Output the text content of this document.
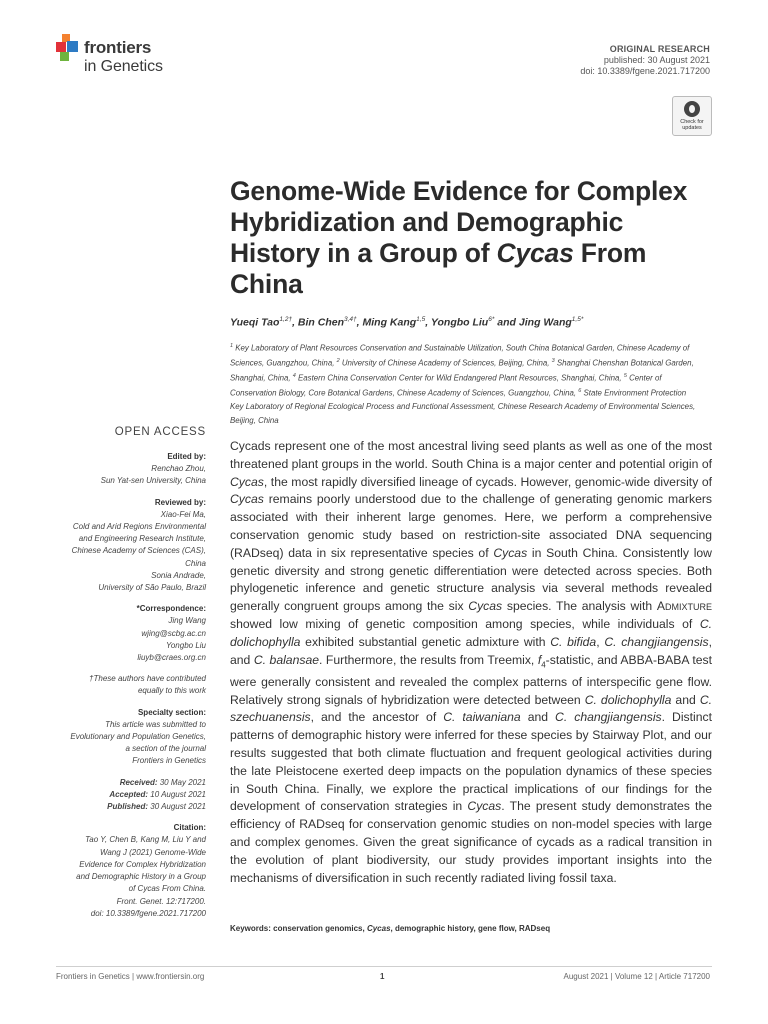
frontiers
in Genetics
ORIGINAL RESEARCH
published: 30 August 2021
doi: 10.3389/fgene.2021.717200
Check for
updates
Genome-Wide Evidence for Complex Hybridization and Demographic History in a Group of Cycas From China
Yueqi Tao$^{1,2\dagger}$, Bin Chen$^{3,4\dagger}$, Ming Kang$^{1,5}$, Yongbo Liu$^{6*}$ and Jing Wang$^{1,5*}$
$^1$ Key Laboratory of Plant Resources Conservation and Sustainable Utilization, South China Botanical Garden, Chinese Academy of Sciences, Guangzhou, China, $^2$ University of Chinese Academy of Sciences, Beijing, China, $^3$ Shanghai Chenshan Botanical Garden, Shanghai, China, $^4$ Eastern China Conservation Center for Wild Endangered Plant Resources, Shanghai, China, $^5$ Center of Conservation Biology, Core Botanical Gardens, Chinese Academy of Sciences, Guangzhou, China, $^6$ State Environment Protection Key Laboratory of Regional Ecological Process and Functional Assessment, Chinese Research Academy of Environmental Sciences, Beijing, China
OPEN ACCESS
Edited by:
Renchao Zhou,
Sun Yat-sen University, China
Reviewed by:
Xiao-Fei Ma,
Cold and Arid Regions Environmental
and Engineering Research Institute,
Chinese Academy of Sciences (CAS),
China
Sonia Andrade,
University of São Paulo, Brazil
*Correspondence:
Jing Wang
wjing@scbg.ac.cn
Yongbo Liu
liuyb@craes.org.cn
†These authors have contributed
equally to this work
Specialty section:
This article was submitted to
Evolutionary and Population Genetics,
a section of the journal
Frontiers in Genetics
Received: 30 May 2021
Accepted: 10 August 2021
Published: 30 August 2021
Citation:
Tao Y, Chen B, Kang M, Liu Y and
Wang J (2021) Genome-Wide
Evidence for Complex Hybridization
and Demographic History in a Group
of Cycas From China.
Front. Genet. 12:717200.
doi: 10.3389/fgene.2021.717200

Cycads represent one of the most ancestral living seed plants as well as one of the most threatened plant groups in the world. South China is a major center and potential origin of Cycas, the most rapidly diversified lineage of cycads. However, genomic-wide diversity of Cycas remains poorly understood due to the challenge of generating genomic markers associated with their inherent large genomes. Here, we perform a comprehensive conservation genomic study based on restriction-site associated DNA sequencing (RADseq) data in six representative species of Cycas in South China. Consistently low genetic diversity and strong genetic differentiation were detected across species. Both phylogenetic inference and genetic structure analysis via several methods revealed generally congruent groups among the six Cycas species. The analysis with Admixture showed low mixing of genetic composition among species, while individuals of C. dolichophylla exhibited substantial genetic admixture with C. bifida, C. changjiangensis, and C. balansae. Furthermore, the results from Treemix, $f_4$-statistic, and ABBA-BABA test were generally consistent and revealed the complex patterns of interspecific gene flow. Relatively strong signals of hybridization were detected between C. dolichophylla and C. szechuanensis, and the ancestor of C. taiwaniana and C. changjiangensis. Distinct patterns of demographic history were inferred for these species by Stairway Plot, and our results suggested that both climate fluctuation and frequent geological activities during the late Pleistocene exerted deep impacts on the population dynamics of these species in South China. Finally, we explore the practical implications of our findings for the development of conservation strategies in Cycas. The present study demonstrates the efficiency of RADseq for conservation genomic studies on non-model species with large and complex genomes. Given the great significance of cycads as a radical transition in the evolution of plant biodiversity, our study provides important insights into the mechanisms of diversification in such recently radiated living fossil taxa.

Keywords: conservation genomics, Cycas, demographic history, gene flow, RADseq
Frontiers in Genetics | www.frontiersin.org	1	August 2021 | Volume 12 | Article 717200
